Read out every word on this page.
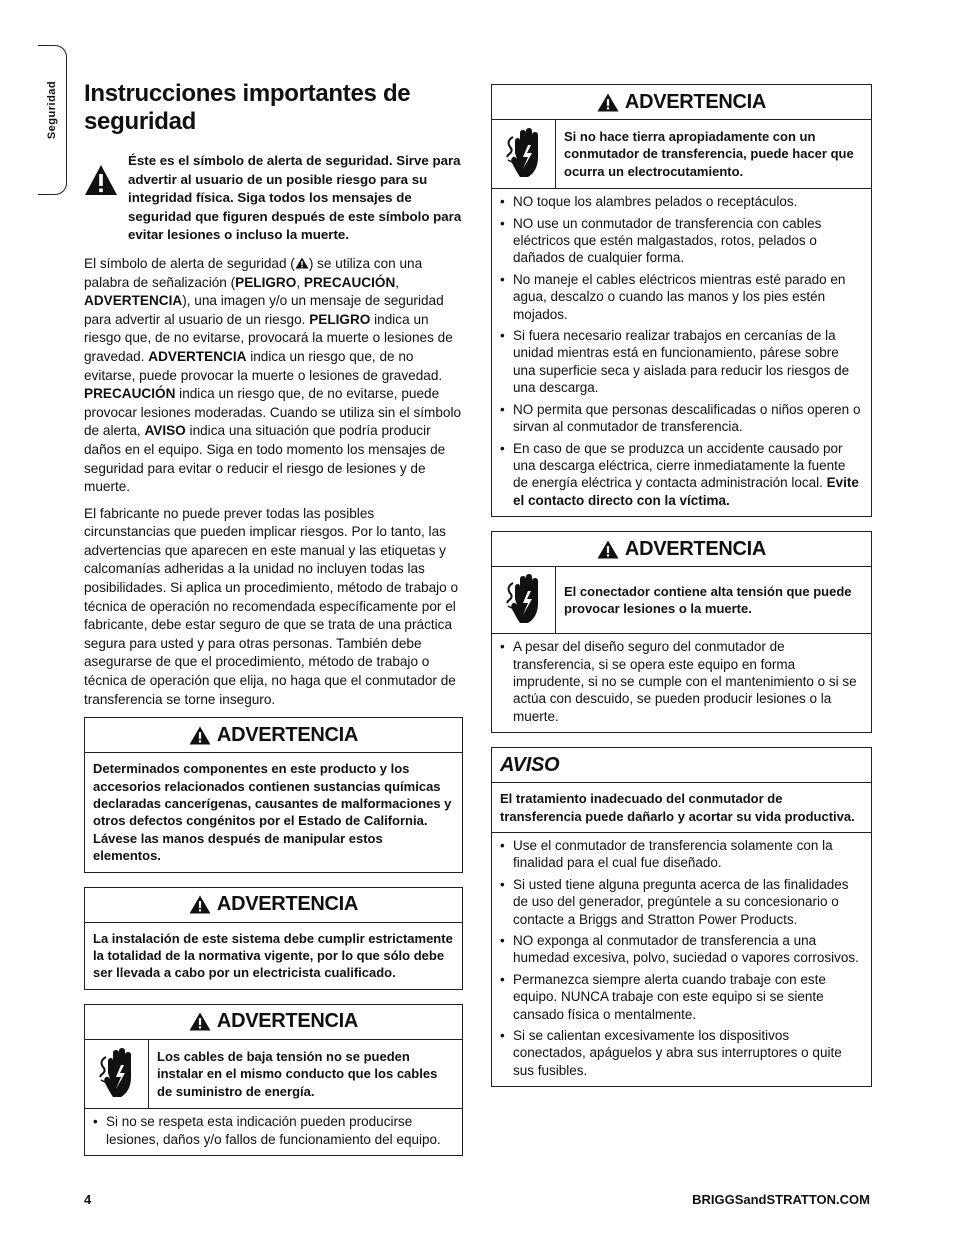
Seguridad Instrucciones importantes de seguridad

Éste es el símbolo de alerta de seguridad. Sirve para advertir al usuario de un posible riesgo para su integridad física. Siga todos los mensajes de seguridad que figuren después de este símbolo para evitar lesiones o incluso la muerte.

El símbolo de alerta de seguridad ( ) se utiliza con una palabra de señalización (PELIGRO, PRECAUCIÓN, ADVERTENCIA), una imagen y/o un mensaje de seguridad para advertir al usuario de un riesgo. PELIGRO indica un riesgo que, de no evitarse, provocará la muerte o lesiones de gravedad. ADVERTENCIA indica un riesgo que, de no evitarse, puede provocar la muerte o lesiones de gravedad. PRECAUCIÓN indica un riesgo que, de no evitarse, puede provocar lesiones moderadas. Cuando se utiliza sin el símbolo de alerta, AVISO indica una situación que podría producir daños en el equipo. Siga en todo momento los mensajes de seguridad para evitar o reducir el riesgo de lesiones y de muerte.

El fabricante no puede prever todas las posibles circunstancias que pueden implicar riesgos. Por lo tanto, las advertencias que aparecen en este manual y las etiquetas y calcomanías adheridas a la unidad no incluyen todas las posibilidades. Si aplica un procedimiento, método de trabajo o técnica de operación no recomendada específicamente por el fabricante, debe estar seguro de que se trata de una práctica segura para usted y para otras personas. También debe asegurarse de que el procedimiento, método de trabajo o técnica de operación que elija, no haga que el conmutador de transferencia se torne inseguro.

ADVERTENCIA
Determinados componentes en este producto y los accesorios relacionados contienen sustancias químicas declaradas cancerígenas, causantes de malformaciones y otros defectos congénitos por el Estado de California. Lávese las manos después de manipular estos elementos.
ADVERTENCIA
La instalación de este sistema debe cumplir estrictamente la totalidad de la normativa vigente, por lo que sólo debe ser llevada a cabo por un electricista cualificado.
ADVERTENCIA
Los cables de baja tensión no se pueden instalar en el mismo conducto que los cables de suministro de energía.
• Si no se respeta esta indicación pueden producirse lesiones, daños y/o fallos de funcionamiento del equipo.
ADVERTENCIA
Si no hace tierra apropiadamente con un conmutador de transferencia, puede hacer que ocurra un electrocutamiento.
• NO toque los alambres pelados o receptáculos.
• NO use un conmutador de transferencia con cables eléctricos que estén malgastados, rotos, pelados o dañados de cualquier forma.
• No maneje el cables eléctricos mientras esté parado en agua, descalzo o cuando las manos y los pies estén mojados.
• Si fuera necesario realizar trabajos en cercanías de la unidad mientras está en funcionamiento, párese sobre una superficie seca y aislada para reducir los riesgos de una descarga.
• NO permita que personas descalificadas o niños operen o sirvan al conmutador de transferencia.
• En caso de que se produzca un accidente causado por una descarga eléctrica, cierre inmediatamente la fuente de energía eléctrica y contacta administración local. Evite el contacto directo con la víctima.
ADVERTENCIA
El conectador contiene alta tensión que puede provocar lesiones o la muerte.
• A pesar del diseño seguro del conmutador de transferencia, si se opera este equipo en forma imprudente, si no se cumple con el mantenimiento o si se actúa con descuido, se pueden producir lesiones o la muerte.
AVISO
El tratamiento inadecuado del conmutador de transferencia puede dañarlo y acortar su vida productiva.
• Use el conmutador de transferencia solamente con la finalidad para el cual fue diseñado.
• Si usted tiene alguna pregunta acerca de las finalidades de uso del generador, pregúntele a su concesionario o contacte a Briggs and Stratton Power Products.
• NO exponga al conmutador de transferencia a una humedad excesiva, polvo, suciedad o vapores corrosivos.
• Permanezca siempre alerta cuando trabaje con este equipo. NUNCA trabaje con este equipo si se siente cansado física o mentalmente.
• Si se calientan excesivamente los dispositivos conectados, apáguelos y abra sus interruptores o quite sus fusibles.
4	BRIGGSandSTRATTON.COM
